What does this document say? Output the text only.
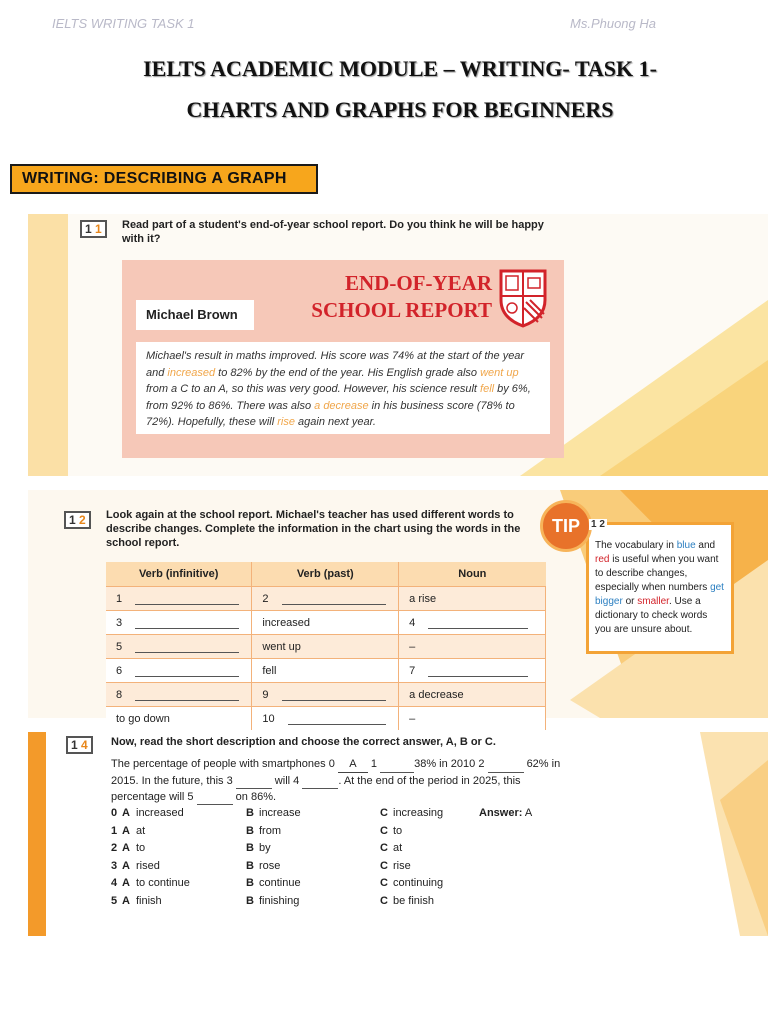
IELTS WRITING TASK 1	Ms.Phuong Ha
IELTS ACADEMIC MODULE – WRITING- TASK 1-
CHARTS AND GRAPHS FOR BEGINNERS
WRITING: DESCRIBING A GRAPH
1 1	Read part of a student's end-of-year school report. Do you think he will be happy with it?
Michael Brown
END-OF-YEAR
SCHOOL REPORT
Michael's result in maths improved. His score was 74% at the start of the year and increased to 82% by the end of the year. His English grade also went up from a C to an A, so this was very good. However, his science result fell by 6%, from 92% to 86%. There was also a decrease in his business score (78% to 72%). Hopefully, these will rise again next year.
1 2	Look again at the school report. Michael's teacher has used different words to describe changes. Complete the information in the chart using the words in the school report.
Verb (infinitive)	Verb (past)	Noun
1	2	a rise
3	increased	4
5	went up	–
6	fell	7
8	9	a decrease
to go down	10	–
The vocabulary in blue and red is useful when you want to describe changes, especially when numbers get bigger or smaller. Use a dictionary to check words you are unsure about.
TIP	1 2
1 4	Now, read the short description and choose the correct answer, A, B or C.
The percentage of people with smartphones 0 A 1	38% in 2010 2	62% in 2015. In the future, this 3	will 4	. At the end of the period in 2025, this percentage will 5	on 86%.
0 A increased	B increase	C increasing
1 A at	B from	C to
2 A to	B by	C at
3 A rised	B rose	C rise
4 A to continue	B continue	C continuing
5 A finish	B finishing	C be finish
Answer: A
